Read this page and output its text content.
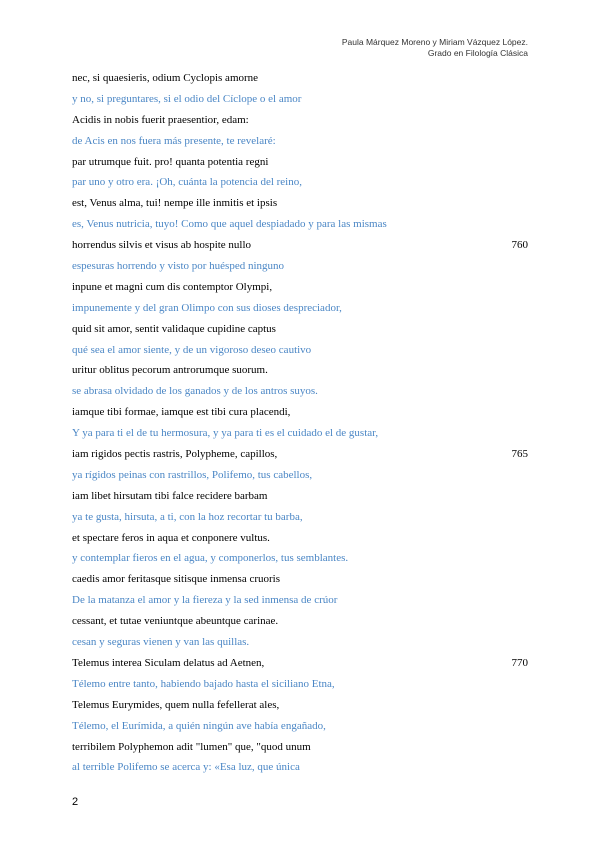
Paula Márquez Moreno y Miriam Vázquez López.
Grado en Filología Clásica
nec, si quaesieris, odium Cyclopis amorne
y no, si preguntares, si el odio del Cíclope o el amor
Acidis in nobis fuerit praesentior, edam:
de Acis en nos fuera más presente, te revelaré:
par utrumque fuit. pro! quanta potentia regni
par uno y otro era. ¡Oh, cuánta la potencia del reino,
est, Venus alma, tui! nempe ille inmitis et ipsis
es, Venus nutricia, tuyo! Como que aquel despiadado y para las mismas
horrendus silvis et visus ab hospite nullo	760
espesuras horrendo y visto por huésped ninguno
inpune et magni cum dis contemptor Olympi,
impunemente y del gran Olimpo con sus dioses despreciador,
quid sit amor, sentit validaque cupidine captus
qué sea el amor siente, y de un vigoroso deseo cautivo
uritur oblitus pecorum antrorumque suorum.
se abrasa olvidado de los ganados y de los antros suyos.
iamque tibi formae, iamque est tibi cura placendi,
Y ya para ti el de tu hermosura, y ya para ti es el cuidado el de gustar,
iam rigidos pectis rastris, Polypheme, capillos,	765
ya rígidos peinas con rastrillos, Polifemo, tus cabellos,
iam libet hirsutam tibi falce recidere barbam
ya te gusta, hirsuta, a ti, con la hoz recortar tu barba,
et spectare feros in aqua et conponere vultus.
y contemplar fieros en el agua, y componerlos, tus semblantes.
caedis amor feritasque sitisque inmensa cruoris
De la matanza el amor y la fiereza y la sed inmensa de crúor
cessant, et tutae veniuntque abeuntque carinae.
cesan y seguras vienen y van las quillas.
Telemus interea Siculam delatus ad Aetnen,	770
Télemo entre tanto, habiendo bajado hasta el siciliano Etna,
Telemus Eurymides, quem nulla fefellerat ales,
Télemo, el Eurímida, a quién ningún ave había engañado,
terribilem Polyphemon adit "lumen" que, "quod unum
al terrible Polifemo se acerca y: «Esa luz, que única
2
